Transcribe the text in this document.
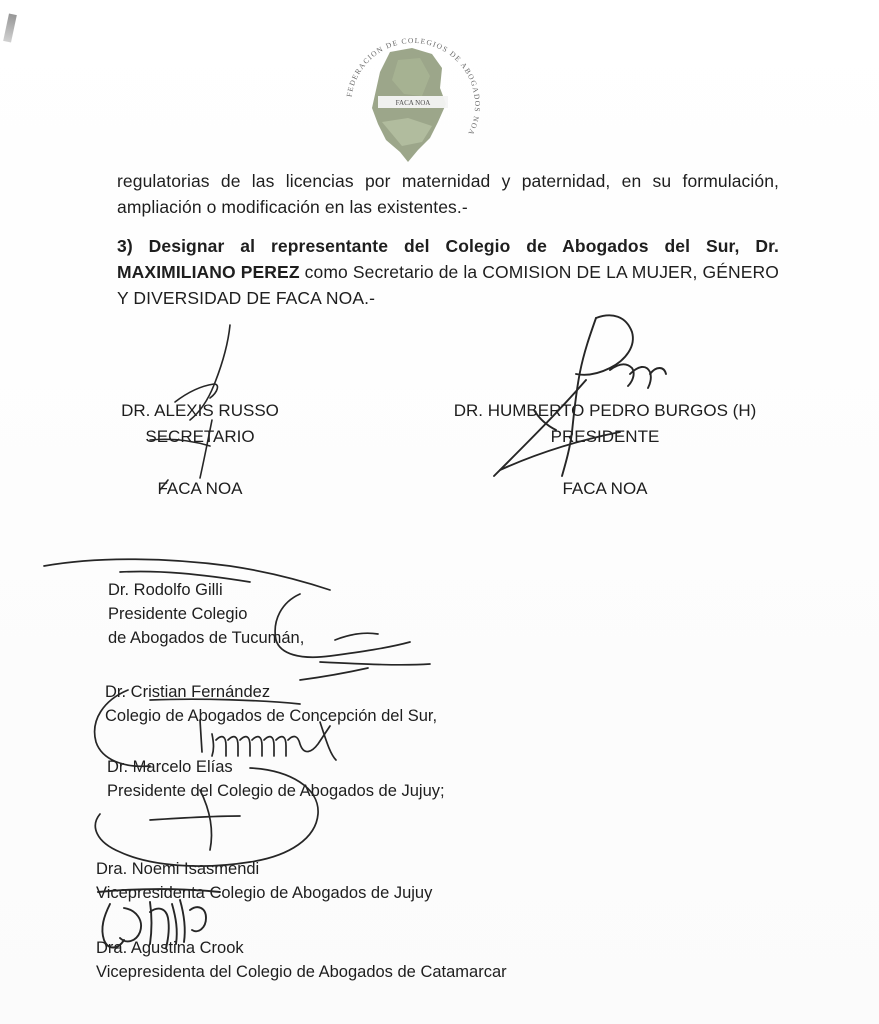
FEDERACION DE COLEGIOS DE ABOGADOS NOA
FACA NOA
regulatorias de las licencias por maternidad y paternidad, en su formulación, ampliación o modificación en las existentes.-
3) Designar al representante del Colegio de Abogados del Sur, Dr. MAXIMILIANO PEREZ como Secretario de la COMISION DE LA MUJER, GÉNERO Y DIVERSIDAD DE FACA NOA.-
DR. ALEXIS RUSSO
SECRETARIO
FACA NOA
DR. HUMBERTO PEDRO BURGOS (H)
PRESIDENTE
FACA NOA
Dr. Rodolfo Gilli
Presidente Colegio
de Abogados de Tucumán,
Dr. Cristian Fernández
Colegio de Abogados de Concepción del Sur,
Dr. Marcelo Elías
Presidente del Colegio de Abogados de Jujuy;
Dra. Noemi Isasmendi
Vicepresidenta Colegio de Abogados de Jujuy
Dra. Agustina Crook
Vicepresidenta del Colegio de Abogados de Catamarcar
